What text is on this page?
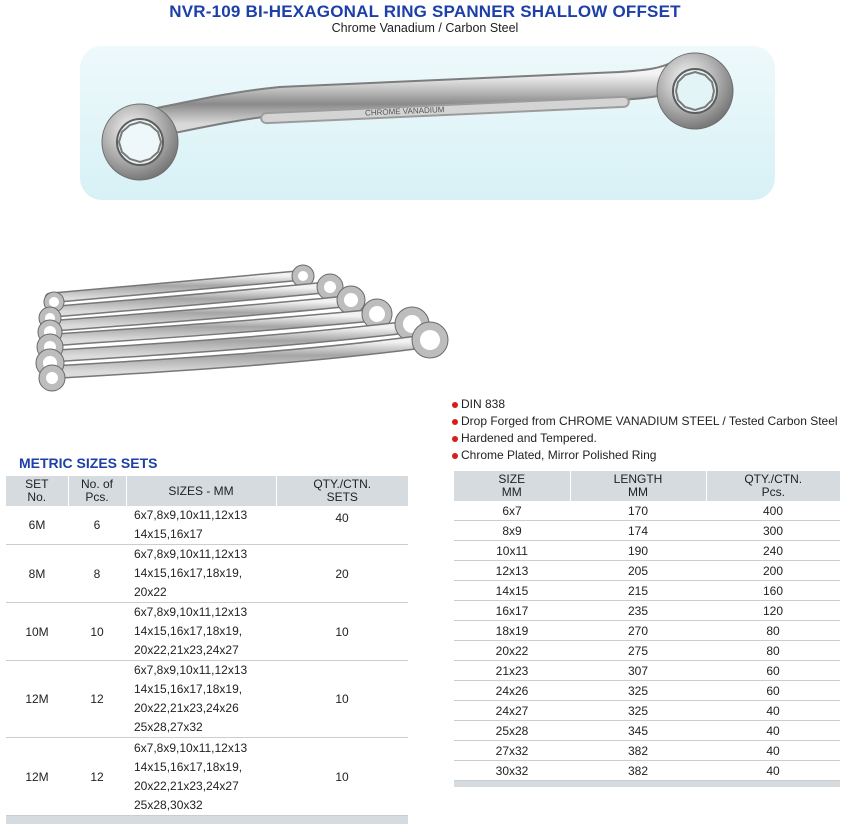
NVR-109 BI-HEXAGONAL RING SPANNER SHALLOW OFFSET
Chrome Vanadium / Carbon Steel
CHROME VANADIUM
DIN 838
Drop Forged from CHROME VANADIUM STEEL / Tested Carbon Steel
Hardened and Tempered.
Chrome Plated, Mirror Polished Ring
METRIC SIZES SETS
SET
No.	No. of
Pcs.	SIZES - MM	QTY./CTN.
SETS
6M	6	6x7,8x9,10x11,12x13
14x15,16x17	40
8M	8	6x7,8x9,10x11,12x13
14x15,16x17,18x19,
20x22	20
10M	10	6x7,8x9,10x11,12x13
14x15,16x17,18x19,
20x22,21x23,24x27	10
12M	12	6x7,8x9,10x11,12x13
14x15,16x17,18x19,
20x22,21x23,24x26
25x28,27x32	10
12M	12	6x7,8x9,10x11,12x13
14x15,16x17,18x19,
20x22,21x23,24x27
25x28,30x32	10

SIZE
MM	LENGTH
MM	QTY./CTN.
Pcs.
6x7	170	400
8x9	174	300
10x11	190	240
12x13	205	200
14x15	215	160
16x17	235	120
18x19	270	80
20x22	275	80
21x23	307	60
24x26	325	60
24x27	325	40
25x28	345	40
27x32	382	40
30x32	382	40
